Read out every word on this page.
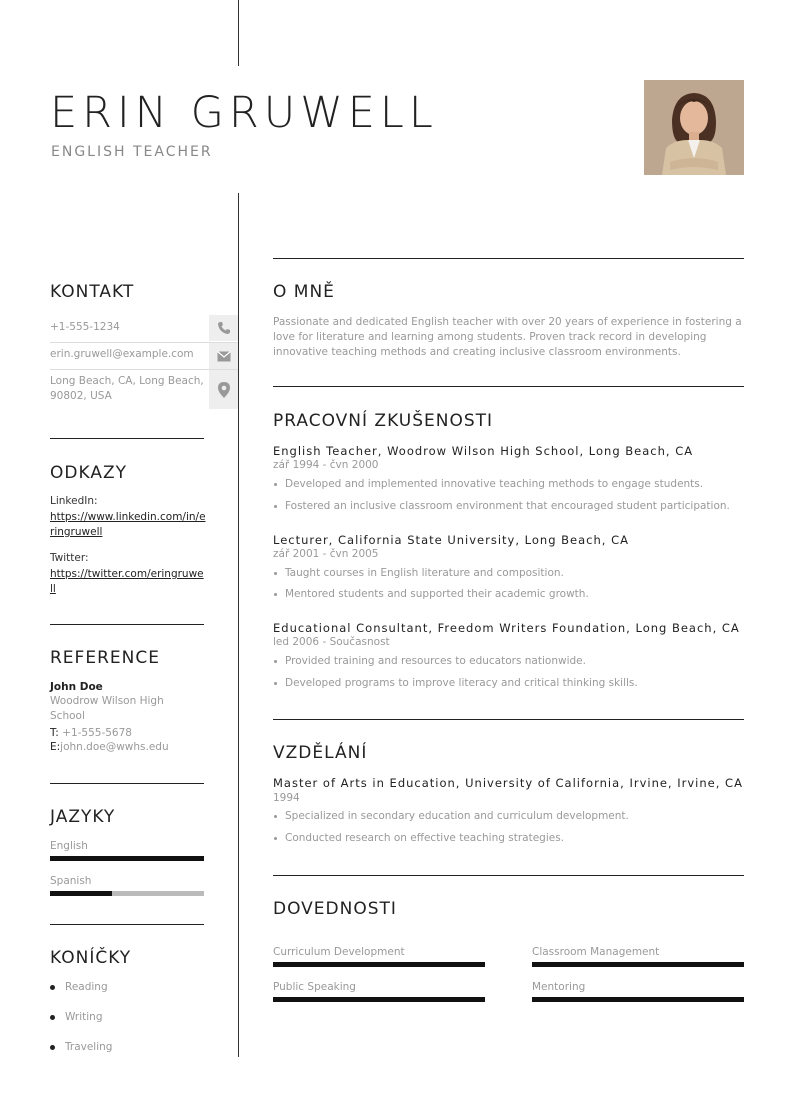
ERIN GRUWELL
ENGLISH TEACHER
KONTAKT
+1-555-1234
erin.gruwell@example.com
Long Beach, CA, Long Beach, 90802, USA
ODKAZY
LinkedIn:
https://www.linkedin.com/in/eringruwell
Twitter:
https://twitter.com/eringruwell
REFERENCE
John Doe
Woodrow Wilson High School
T: +1-555-5678
E:john.doe@wwhs.edu
JAZYKY
English
Spanish
KONÍČKY
Reading
Writing
Traveling
O MNĚ
Passionate and dedicated English teacher with over 20 years of experience in fostering a love for literature and learning among students. Proven track record in developing innovative teaching methods and creating inclusive classroom environments.
PRACOVNÍ ZKUŠENOSTI
English Teacher, Woodrow Wilson High School, Long Beach, CA
zář 1994 - čvn 2000
Developed and implemented innovative teaching methods to engage students.
Fostered an inclusive classroom environment that encouraged student participation.
Lecturer, California State University, Long Beach, CA
zář 2001 - čvn 2005
Taught courses in English literature and composition.
Mentored students and supported their academic growth.
Educational Consultant, Freedom Writers Foundation, Long Beach, CA
led 2006 - Současnost
Provided training and resources to educators nationwide.
Developed programs to improve literacy and critical thinking skills.
VZDĚLÁNÍ
Master of Arts in Education, University of California, Irvine, Irvine, CA
1994
Specialized in secondary education and curriculum development.
Conducted research on effective teaching strategies.
DOVEDNOSTI
Curriculum Development	Classroom Management
Public Speaking	Mentoring
